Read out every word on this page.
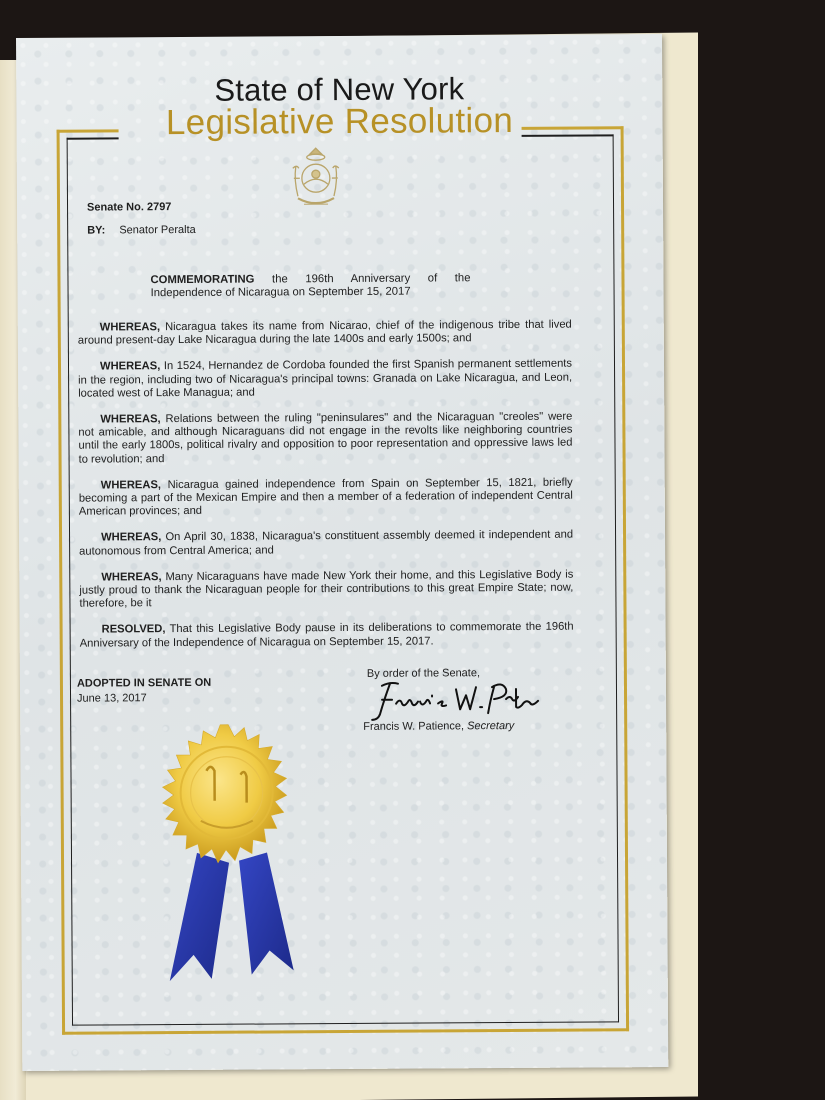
State of New York
Legislative Resolution
Senate No. 2797
BY: Senator Peralta
COMMEMORATING the 196th Anniversary of the Independence of Nicaragua on September 15, 2017

WHEREAS, Nicaragua takes its name from Nicarao, chief of the indigenous tribe that lived around present-day Lake Nicaragua during the late 1400s and early 1500s; and

WHEREAS, In 1524, Hernandez de Cordoba founded the first Spanish permanent settlements in the region, including two of Nicaragua's principal towns: Granada on Lake Nicaragua, and Leon, located west of Lake Managua; and

WHEREAS, Relations between the ruling "peninsulares" and the Nicaraguan "creoles" were not amicable, and although Nicaraguans did not engage in the revolts like neighboring countries until the early 1800s, political rivalry and opposition to poor representation and oppressive laws led to revolution; and

WHEREAS, Nicaragua gained independence from Spain on September 15, 1821, briefly becoming a part of the Mexican Empire and then a member of a federation of independent Central American provinces; and

WHEREAS, On April 30, 1838, Nicaragua's constituent assembly deemed it independent and autonomous from Central America; and

WHEREAS, Many Nicaraguans have made New York their home, and this Legislative Body is justly proud to thank the Nicaraguan people for their contributions to this great Empire State; now, therefore, be it

RESOLVED, That this Legislative Body pause in its deliberations to commemorate the 196th Anniversary of the Independence of Nicaragua on September 15, 2017.

ADOPTED IN SENATE ON
June 13, 2017
By order of the Senate,
Francis W. Patience, Secretary
